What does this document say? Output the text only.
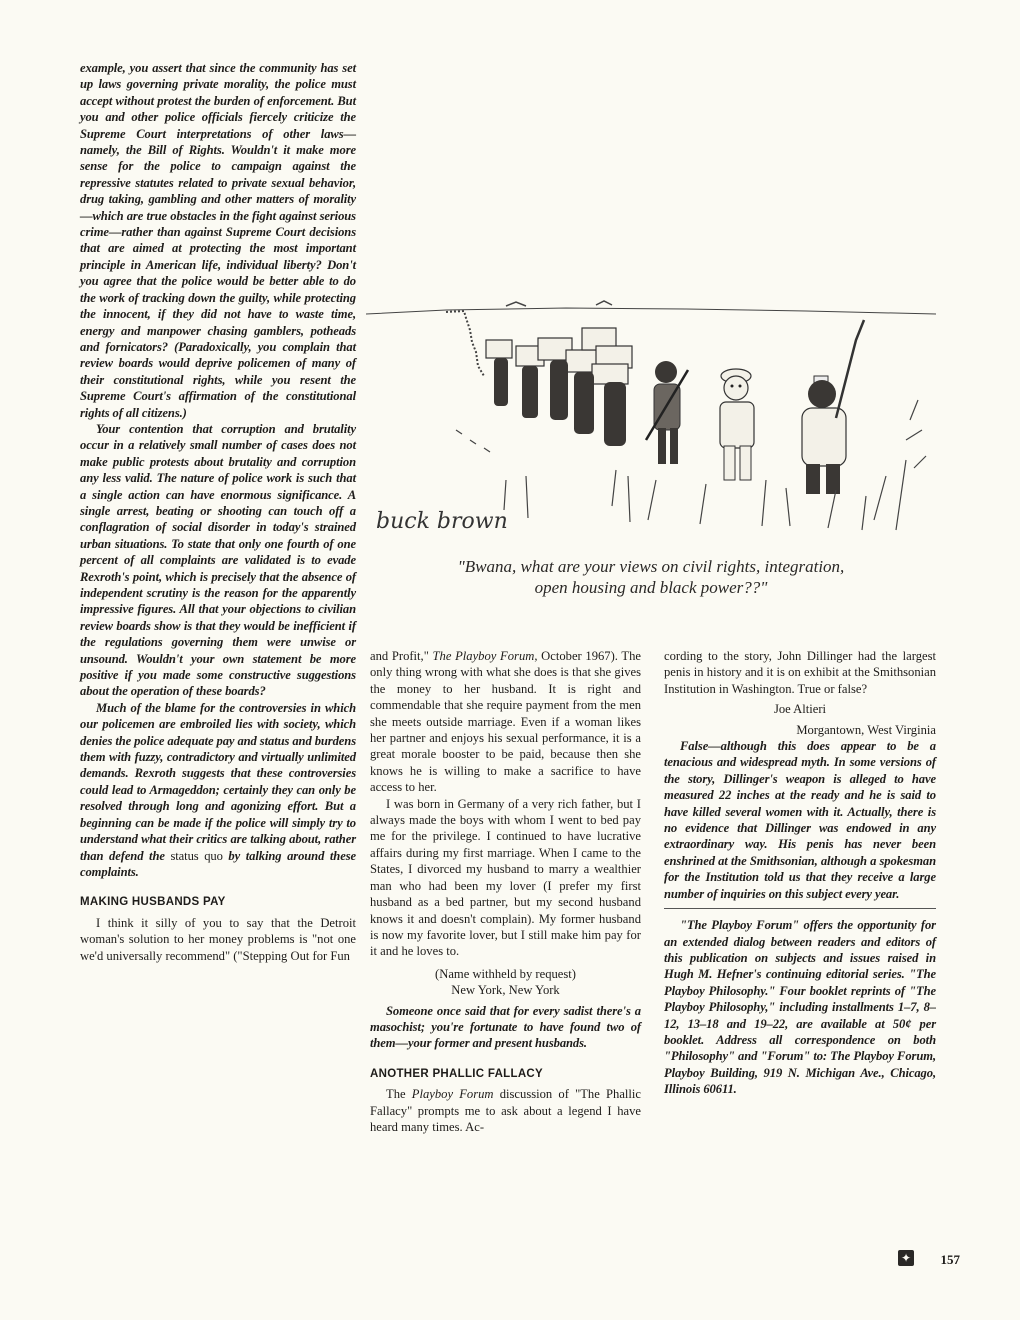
example, you assert that since the community has set up laws governing private morality, the police must accept without protest the burden of enforcement. But you and other police officials fiercely criticize the Supreme Court interpretations of other laws—namely, the Bill of Rights. Wouldn't it make more sense for the police to campaign against the repressive statutes related to private sexual behavior, drug taking, gambling and other matters of morality—which are true obstacles in the fight against serious crime—rather than against Supreme Court decisions that are aimed at protecting the most important principle in American life, individual liberty? Don't you agree that the police would be better able to do the work of tracking down the guilty, while protecting the innocent, if they did not have to waste time, energy and manpower chasing gamblers, potheads and fornicators? (Paradoxically, you complain that review boards would deprive policemen of many of their constitutional rights, while you resent the Supreme Court's affirmation of the constitutional rights of all citizens.)

Your contention that corruption and brutality occur in a relatively small number of cases does not make public protests about brutality and corruption any less valid. The nature of police work is such that a single action can have enormous significance. A single arrest, beating or shooting can touch off a conflagration of social disorder in today's strained urban situations. To state that only one fourth of one percent of all complaints are validated is to evade Rexroth's point, which is precisely that the absence of independent scrutiny is the reason for the apparently impressive figures. All that your objections to civilian review boards show is that they would be inefficient if the regulations governing them were unwise or unsound. Wouldn't your own statement be more positive if you made some constructive suggestions about the operation of these boards?

Much of the blame for the controversies in which our policemen are embroiled lies with society, which denies the police adequate pay and status and burdens them with fuzzy, contradictory and virtually unlimited demands. Rexroth suggests that these controversies could lead to Armageddon; certainly they can only be resolved through long and agonizing effort. But a beginning can be made if the police will simply try to understand what their critics are talking about, rather than defend the status quo by talking around these complaints.

MAKING HUSBANDS PAY

I think it silly of you to say that the Detroit woman's solution to her money problems is "not one we'd universally recommend" ("Stepping Out for Fun

buck brown
"Bwana, what are your views on civil rights, integration,
open housing and black power??"

and Profit," The Playboy Forum, October 1967). The only thing wrong with what she does is that she gives the money to her husband. It is right and commendable that she require payment from the men she meets outside marriage. Even if a woman likes her partner and enjoys his sexual performance, it is a great morale booster to be paid, because then she knows he is willing to make a sacrifice to have access to her.

I was born in Germany of a very rich father, but I always made the boys with whom I went to bed pay me for the privilege. I continued to have lucrative affairs during my first marriage. When I came to the States, I divorced my husband to marry a wealthier man who had been my lover (I prefer my first husband as a bed partner, but my second husband knows it and doesn't complain). My former husband is now my favorite lover, but I still make him pay for it and he loves to.

(Name withheld by request)

New York, New York

Someone once said that for every sadist there's a masochist; you're fortunate to have found two of them—your former and present husbands.

ANOTHER PHALLIC FALLACY

The Playboy Forum discussion of "The Phallic Fallacy" prompts me to ask about a legend I have heard many times. Ac-

cording to the story, John Dillinger had the largest penis in history and it is on exhibit at the Smithsonian Institution in Washington. True or false?

Joe Altieri

Morgantown, West Virginia

False—although this does appear to be a tenacious and widespread myth. In some versions of the story, Dillinger's weapon is alleged to have measured 22 inches at the ready and he is said to have killed several women with it. Actually, there is no evidence that Dillinger was endowed in any extraordinary way. His penis has never been enshrined at the Smithsonian, although a spokesman for the Institution told us that they receive a large number of inquiries on this subject every year.

"The Playboy Forum" offers the opportunity for an extended dialog between readers and editors of this publication on subjects and issues raised in Hugh M. Hefner's continuing editorial series. "The Playboy Philosophy." Four booklet reprints of "The Playboy Philosophy," including installments 1–7, 8–12, 13–18 and 19–22, are available at 50¢ per booklet. Address all correspondence on both "Philosophy" and "Forum" to: The Playboy Forum, Playboy Building, 919 N. Michigan Ave., Chicago, Illinois 60611.

✦ 157
